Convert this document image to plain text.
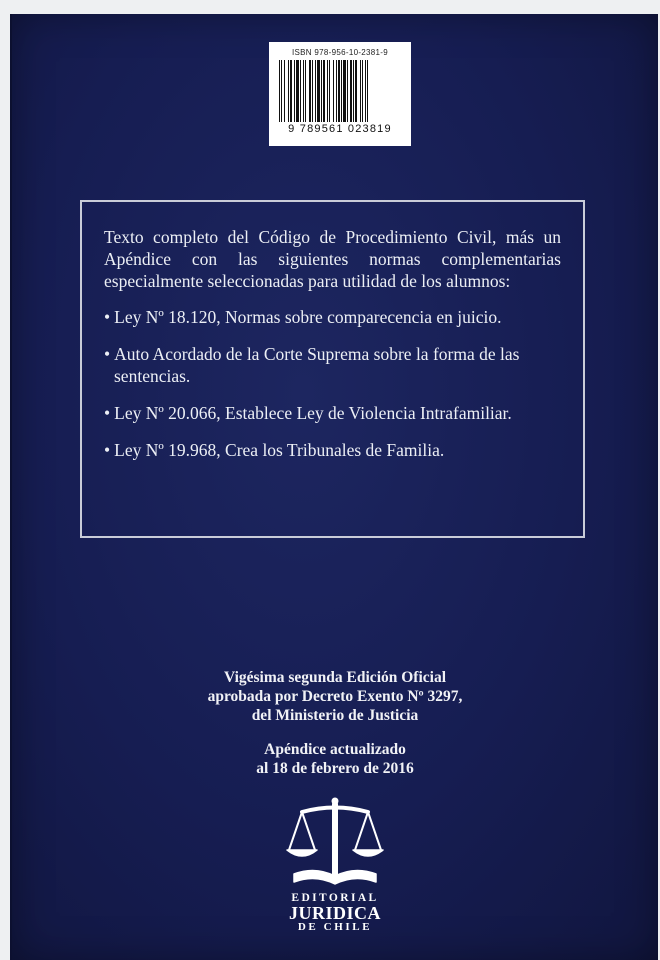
ISBN 978-956-10-2381-9
9 789561 023819

Texto completo del Código de Procedimiento Civil, más un Apéndice con las siguientes normas complementarias especialmente seleccionadas para utilidad de los alumnos:

• Ley Nº 18.120, Normas sobre comparecencia en juicio.

• Auto Acordado de la Corte Suprema sobre la forma de las sentencias.

• Ley Nº 20.066, Establece Ley de Violencia Intrafamiliar.

• Ley Nº 19.968, Crea los Tribunales de Familia.

Vigésima segunda Edición Oficial

aprobada por Decreto Exento Nº 3297,

del Ministerio de Justicia

Apéndice actualizado

al 18 de febrero de 2016

EDITORIAL

JURIDICA

DE CHILE
